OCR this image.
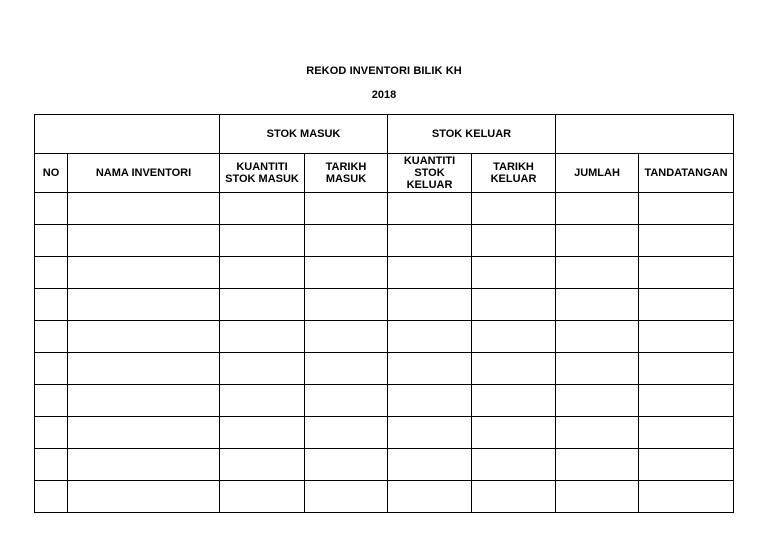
REKOD INVENTORI BILIK KH
2018
		STOK MASUK		STOK KELUAR			
NO	NAMA INVENTORI	KUANTITI STOK MASUK	TARIKH MASUK	KUANTITI STOK KELUAR	TARIKH KELUAR	JUMLAH	TANDATANGAN
